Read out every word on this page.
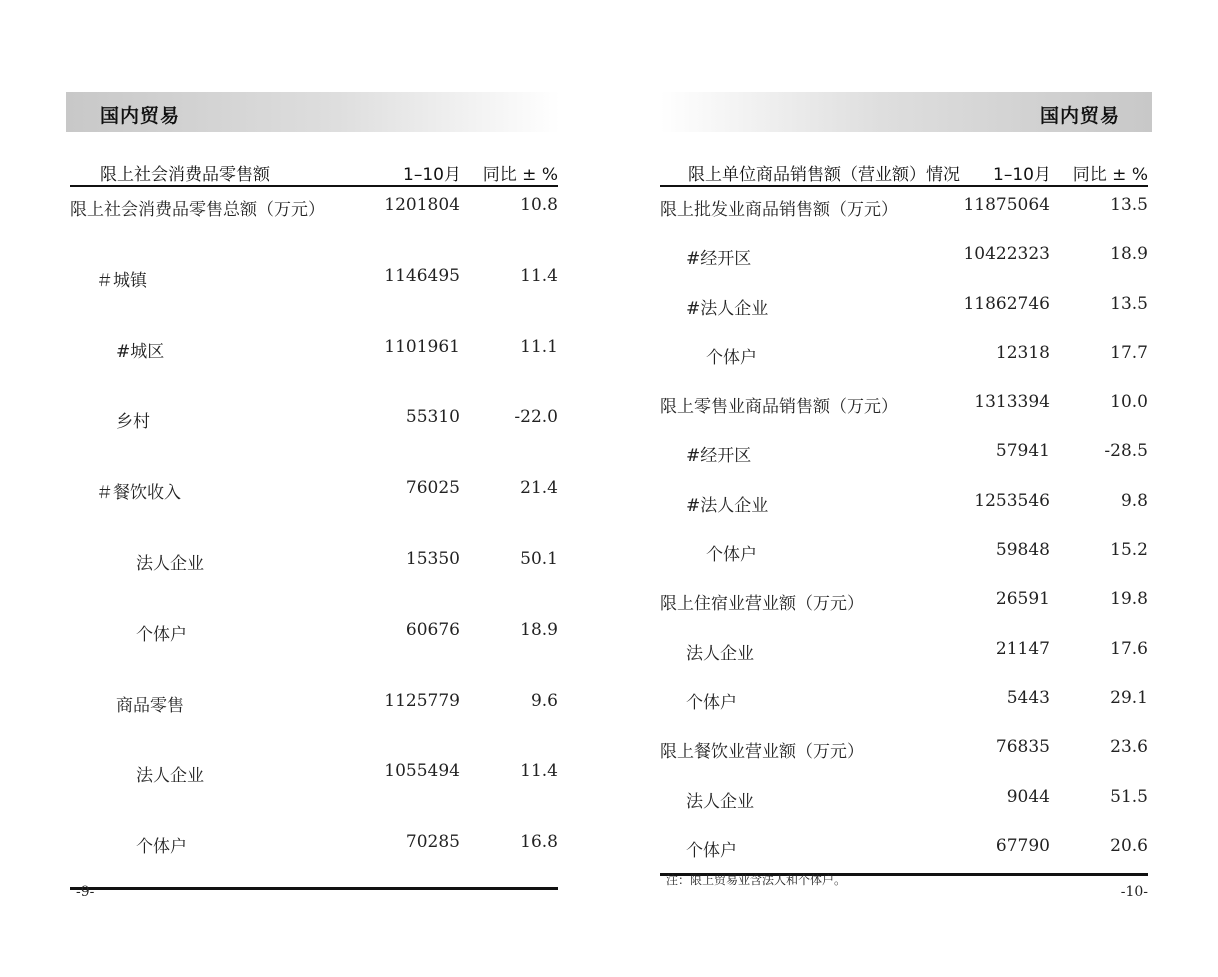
国内贸易
限上社会消费品零售额	1–10月 同比 ± %
限上社会消费品零售总额（万元）	1201804	10.8
＃城镇	1146495	11.4
#城区	1101961	11.1
乡村	55310	-22.0
＃餐饮收入	76025	21.4
法人企业	15350	50.1
个体户	60676	18.9
商品零售	1125779	9.6
法人企业	1055494	11.4
个体户	70285	16.8
-9-
国内贸易
限上单位商品销售额（营业额）情况 1–10月 同比 ± %
限上批发业商品销售额（万元）	11875064	13.5
#经开区	10422323	18.9
#法人企业	11862746	13.5
个体户	12318	17.7
限上零售业商品销售额（万元）	1313394	10.0
#经开区	57941	-28.5
#法人企业	1253546	9.8
个体户	59848	15.2
限上住宿业营业额（万元）	26591	19.8
法人企业	21147	17.6
个体户	5443	29.1
限上餐饮业营业额（万元）	76835	23.6
法人企业	9044	51.5
个体户	67790	20.6
注：限上贸易业含法人和个体户。
-10-
